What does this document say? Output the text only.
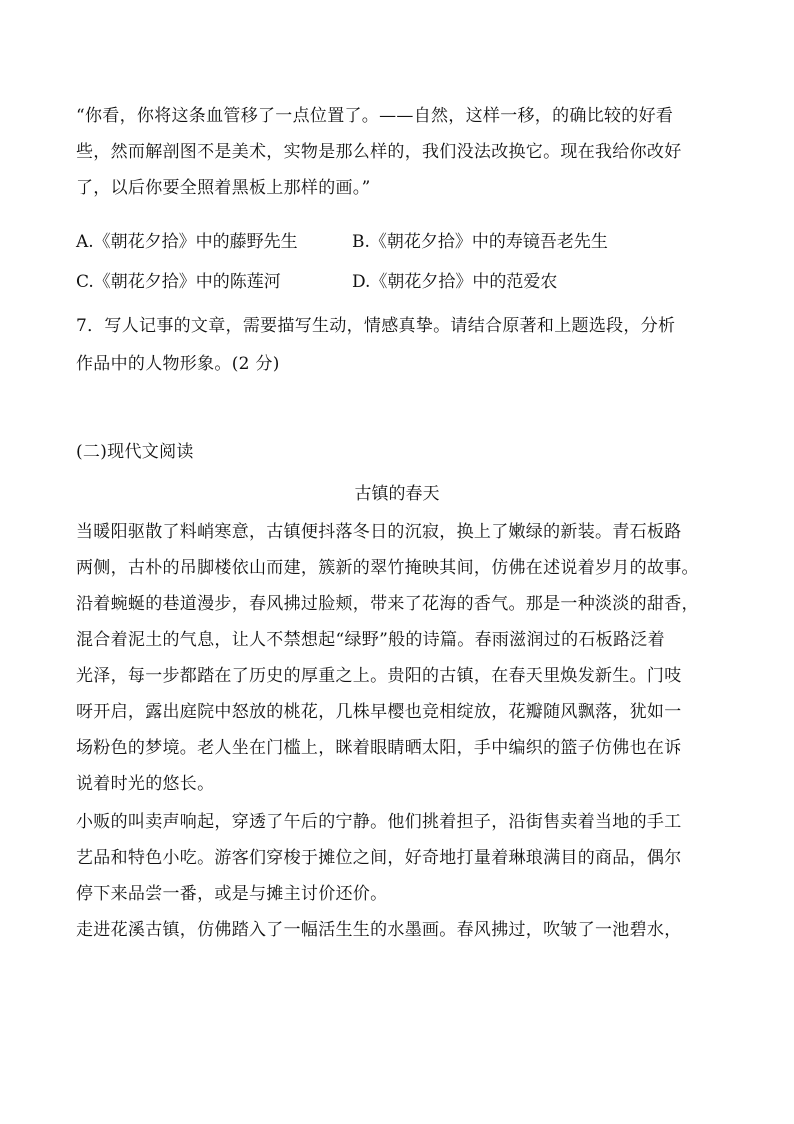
“你看，你将这条血管移了一点位置了。——自然，这样一移，的确比较的好看
些，然而解剖图不是美术，实物是那么样的，我们没法改换它。现在我给你改好
了，以后你要全照着黑板上那样的画。”
A.《朝花夕拾》中的藤野先生	B.《朝花夕拾》中的寿镜吾老先生
C.《朝花夕拾》中的陈莲河	D.《朝花夕拾》中的范爱农
7．写人记事的文章，需要描写生动，情感真挚。请结合原著和上题选段，分析
作品中的人物形象。(2 分)
(二)现代文阅读
古镇的春天
当暖阳驱散了料峭寒意，古镇便抖落冬日的沉寂，换上了嫩绿的新装。青石板路
两侧，古朴的吊脚楼依山而建，簇新的翠竹掩映其间，仿佛在述说着岁月的故事。
沿着蜿蜒的巷道漫步，春风拂过脸颊，带来了花海的香气。那是一种淡淡的甜香，
混合着泥土的气息，让人不禁想起“绿野”般的诗篇。春雨滋润过的石板路泛着
光泽，每一步都踏在了历史的厚重之上。贵阳的古镇，在春天里焕发新生。门吱
呀开启，露出庭院中怒放的桃花，几株早樱也竞相绽放，花瓣随风飘落，犹如一
场粉色的梦境。老人坐在门槛上，眯着眼睛晒太阳，手中编织的篮子仿佛也在诉
说着时光的悠长。
小贩的叫卖声响起，穿透了午后的宁静。他们挑着担子，沿街售卖着当地的手工
艺品和特色小吃。游客们穿梭于摊位之间，好奇地打量着琳琅满目的商品，偶尔
停下来品尝一番，或是与摊主讨价还价。
走进花溪古镇，仿佛踏入了一幅活生生的水墨画。春风拂过，吹皱了一池碧水，
